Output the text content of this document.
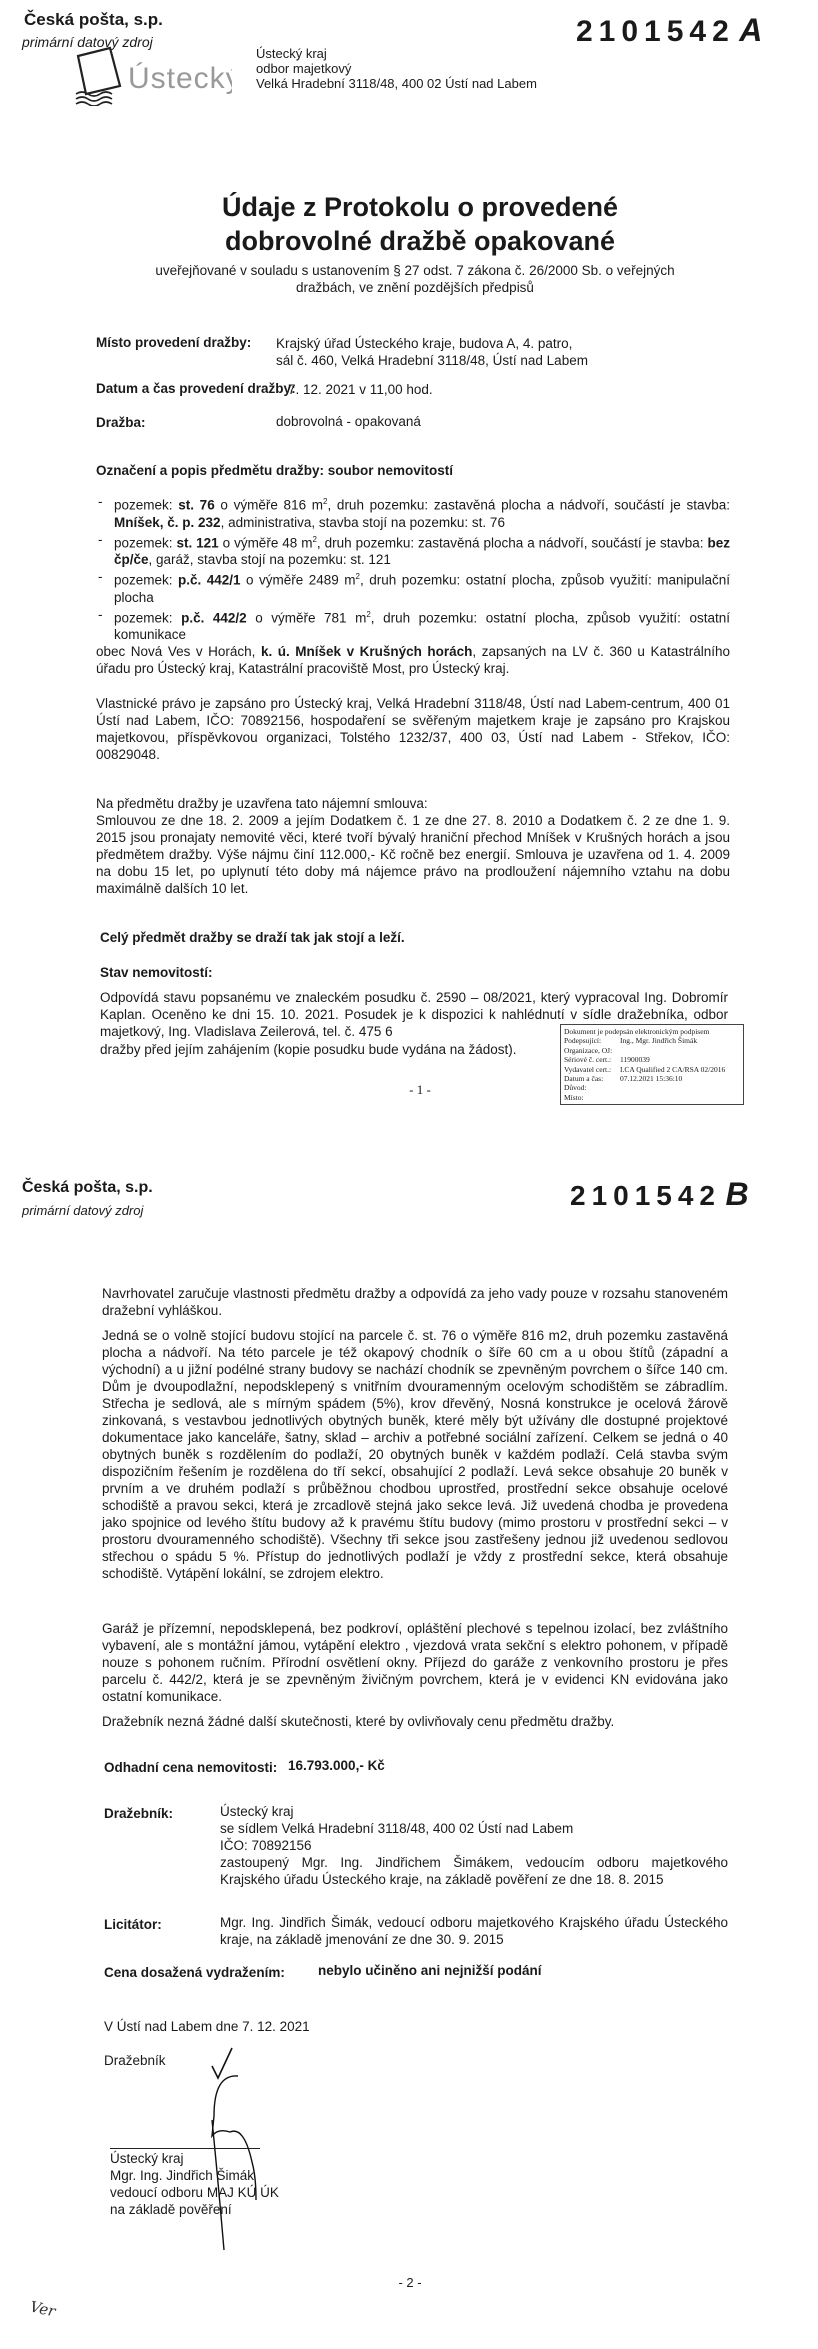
Česká pošta, s.p.
primární datový zdroj
Ústecký
2101542 A
Ústecký kraj
odbor majetkový
Velká Hradební 3118/48, 400 02 Ústí nad Labem
Údaje z Protokolu o provedené
dobrovolné dražbě opakované
uveřejňované v souladu s ustanovením § 27 odst. 7 zákona č. 26/2000 Sb. o veřejných
dražbách, ve znění pozdějších předpisů
Místo provedení dražby: Krajský úřad Ústeckého kraje, budova A, 4. patro,
sál č. 460, Velká Hradební 3118/48, Ústí nad Labem
Datum a čas provedení dražby:
7. 12. 2021 v 11,00 hod.
Dražba:	dobrovolná - opakovaná
Označení a popis předmětu dražby: soubor nemovitostí
- pozemek: st. 76 o výměře 816 $m^2$, druh pozemku: zastavěná plocha a nádvoří, součástí je stavba: Mníšek, č. p. 232, administrativa, stavba stojí na pozemku: st. 76
- pozemek: st. 121 o výměře 48 $m^2$, druh pozemku: zastavěná plocha a nádvoří, součástí je stavba: bez čp/če, garáž, stavba stojí na pozemku: st. 121
- pozemek: p.č. 442/1 o výměře 2489 $m^2$, druh pozemku: ostatní plocha, způsob využití: manipulační plocha
- pozemek: p.č. 442/2 o výměře 781 $m^2$, druh pozemku: ostatní plocha, způsob využití: ostatní komunikace
obec Nová Ves v Horách, k. ú. Mníšek v Krušných horách, zapsaných na LV č. 360 u Katastrálního úřadu pro Ústecký kraj, Katastrální pracoviště Most, pro Ústecký kraj.
Vlastnické právo je zapsáno pro Ústecký kraj, Velká Hradební 3118/48, Ústí nad Labem-centrum, 400 01 Ústí nad Labem, IČO: 70892156, hospodaření se svěřeným majetkem kraje je zapsáno pro Krajskou majetkovou, příspěvkovou organizaci, Tolstého 1232/37, 400 03, Ústí nad Labem - Střekov, IČO: 00829048.
Na předmětu dražby je uzavřena tato nájemní smlouva:
Smlouvou ze dne 18. 2. 2009 a jejím Dodatkem č. 1 ze dne 27. 8. 2010 a Dodatkem č. 2 ze dne 1. 9. 2015 jsou pronajaty nemovité věci, které tvoří bývalý hraniční přechod Mníšek v Krušných horách a jsou předmětem dražby. Výše nájmu činí 112.000,- Kč ročně bez energií. Smlouva je uzavřena od 1. 4. 2009 na dobu 15 let, po uplynutí této doby má nájemce právo na prodloužení nájemního vztahu na dobu maximálně dalších 10 let.
Celý předmět dražby se draží tak jak stojí a leží.
Stav nemovitostí:
Odpovídá stavu popsanému ve znaleckém posudku č. 2590 – 08/2021, který vypracoval Ing. Dobromír Kaplan. Oceněno ke dni 15. 10. 2021. Posudek je k dispozici k nahlédnutí v sídle dražebníka, odbor majetkový, Ing. Vladislava Zeilerová, tel. č. 475 6
dražby před jejím zahájením (kopie posudku bude vydána na žádost).
Dokument je podepsán elektronickým podpisem
Podepsující:	Ing., Mgr. Jindřich Šimák
Organizace, OJ:
Sériové č. cert.:	11900039
Vydavatel cert.:	I.CA Qualified 2 CA/RSA 02/2016
Datum a čas:	07.12.2021 15:36:10
Důvod:
Místo:
- 1 -
Česká pošta, s.p.
primární datový zdroj	2101542 B
Navrhovatel zaručuje vlastnosti předmětu dražby a odpovídá za jeho vady pouze v rozsahu stanoveném dražební vyhláškou.
Jedná se o volně stojící budovu stojící na parcele č. st. 76 o výměře 816 m2, druh pozemku zastavěná plocha a nádvoří. Na této parcele je též okapový chodník o šíře 60 cm a u obou štítů (západní a východní) a u jižní podélné strany budovy se nachází chodník se zpevněným povrchem o šířce 140 cm. Dům je dvoupodlažní, nepodsklepený s vnitřním dvouramenným ocelovým schodištěm se zábradlím. Střecha je sedlová, ale s mírným spádem (5%), krov dřevěný, Nosná konstrukce je ocelová žárově zinkovaná, s vestavbou jednotlivých obytných buněk, které měly být užívány dle dostupné projektové dokumentace jako kanceláře, šatny, sklad – archiv a potřebné sociální zařízení. Celkem se jedná o 40 obytných buněk s rozdělením do podlaží, 20 obytných buněk v každém podlaží. Celá stavba svým dispozičním řešením je rozdělena do tří sekcí, obsahující 2 podlaží. Levá sekce obsahuje 20 buněk v prvním a ve druhém podlaží s průběžnou chodbou uprostřed, prostřední sekce obsahuje ocelové schodiště a pravou sekci, která je zrcadlově stejná jako sekce levá. Již uvedená chodba je provedena jako spojnice od levého štítu budovy až k pravému štítu budovy (mimo prostoru v prostřední sekci – v prostoru dvouramenného schodiště). Všechny tři sekce jsou zastřešeny jednou již uvedenou sedlovou střechou o spádu 5 %. Přístup do jednotlivých podlaží je vždy z prostřední sekce, která obsahuje schodiště. Vytápění lokální, se zdrojem elektro.
Garáž je přízemní, nepodsklepená, bez podkroví, opláštění plechové s tepelnou izolací, bez zvláštního vybavení, ale s montážní jámou, vytápění elektro , vjezdová vrata sekční s elektro pohonem, v případě nouze s pohonem ručním. Přírodní osvětlení okny. Příjezd do garáže z venkovního prostoru je přes parcelu č. 442/2, která je se zpevněným živičným povrchem, která je v evidenci KN evidována jako ostatní komunikace.
Dražebník nezná žádné další skutečnosti, které by ovlivňovaly cenu předmětu dražby.
Odhadní cena nemovitosti: 16.793.000,- Kč
Dražebník:	Ústecký kraj
se sídlem Velká Hradební 3118/48, 400 02 Ústí nad Labem
IČO: 70892156
zastoupený Mgr. Ing. Jindřichem Šimákem, vedoucím odboru majetkového Krajského úřadu Ústeckého kraje, na základě pověření ze dne 18. 8. 2015
Licitátor:	Mgr. Ing. Jindřich Šimák, vedoucí odboru majetkového Krajského úřadu Ústeckého kraje, na základě jmenování ze dne 30. 9. 2015
Cena dosažená vydražením: nebylo učiněno ani nejnižší podání
V Ústí nad Labem dne 7. 12. 2021
Dražebník
Ústecký kraj
Mgr. Ing. Jindřich Šimák
vedoucí odboru MAJ KÚ ÚK
na základě pověření
- 2 -
Ver
